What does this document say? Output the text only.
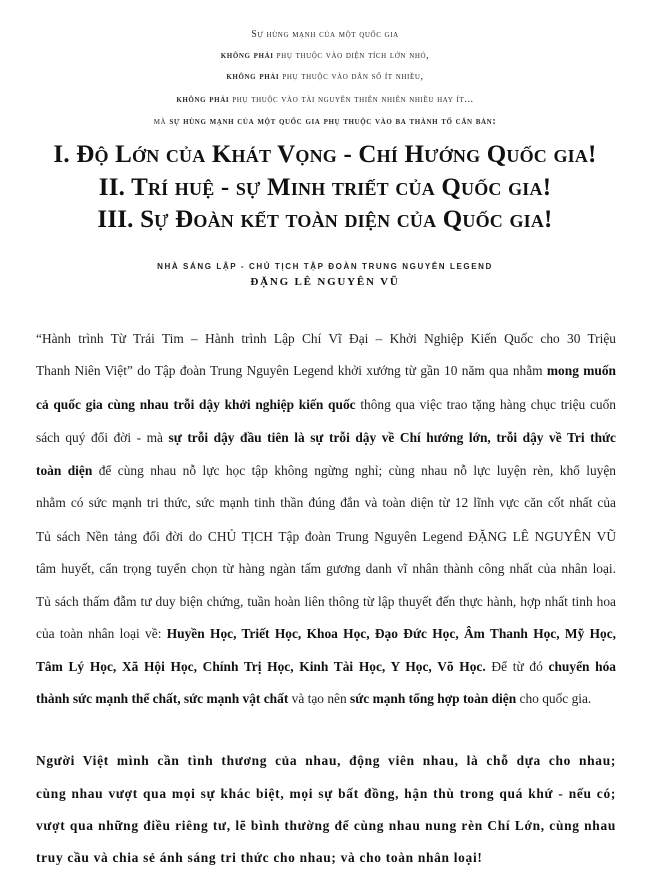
Sự hùng mạnh của một quốc gia
không phải phụ thuộc vào diện tích lớn nhỏ,
không phải phụ thuộc vào dân số ít nhiều,
không phải phụ thuộc vào tài nguyên thiên nhiên nhiều hay ít...
mà sự hùng mạnh của một quốc gia phụ thuộc vào ba thành tố căn bản:
I. Độ Lớn của Khát Vọng - Chí Hướng Quốc gia!
II. Trí huệ - sự Minh triết của Quốc gia!
III. Sự Đoàn kết toàn diện của Quốc gia!
NHÀ SÁNG LẬP - CHỦ TỊCH TẬP ĐOÀN TRUNG NGUYÊN LEGEND
ĐẶNG LÊ NGUYÊN VŨ
“Hành trình Từ Trái Tim – Hành trình Lập Chí Vĩ Đại – Khởi Nghiệp Kiến Quốc cho 30 Triệu
Thanh Niên Việt” do Tập đoàn Trung Nguyên Legend khởi xướng từ gần 10 năm qua nhằm mong muốn
cả quốc gia cùng nhau trỗi dậy khởi nghiệp kiến quốc thông qua việc trao tặng hàng chục triệu cuốn
sách quý đổi đời - mà sự trỗi dậy đầu tiên là sự trỗi dậy về Chí hướng lớn, trỗi dậy về Tri thức
toàn diện để cùng nhau nỗ lực học tập không ngừng nghỉ; cùng nhau nỗ lực luyện rèn, khổ luyện
nhằm có sức mạnh tri thức, sức mạnh tinh thần đúng đắn và toàn diện từ 12 lĩnh vực căn cốt nhất của
Tủ sách Nền tảng đổi đời do CHỦ TỊCH Tập đoàn Trung Nguyên Legend ĐẶNG LÊ NGUYÊN VŨ
tâm huyết, cẩn trọng tuyển chọn từ hàng ngàn tấm gương danh vĩ nhân thành công nhất của nhân loại.
Tủ sách thấm đẫm tư duy biện chứng, tuần hoàn liên thông từ lập thuyết đến thực hành, hợp nhất tinh hoa
của toàn nhân loại về: Huyền Học, Triết Học, Khoa Học, Đạo Đức Học, Âm Thanh Học, Mỹ Học,
Tâm Lý Học, Xã Hội Học, Chính Trị Học, Kinh Tài Học, Y Học, Võ Học. Để từ đó chuyển hóa
thành sức mạnh thể chất, sức mạnh vật chất và tạo nên sức mạnh tổng hợp toàn diện cho quốc gia.
Người Việt mình cần tình thương của nhau, động viên nhau, là chỗ dựa cho nhau;
cùng nhau vượt qua mọi sự khác biệt, mọi sự bất đồng, hận thù trong quá khứ - nếu có;
vượt qua những điều riêng tư, lẽ bình thường để cùng nhau nung rèn Chí Lớn, cùng nhau
truy cầu và chia sẻ ánh sáng tri thức cho nhau; và cho toàn nhân loại!
